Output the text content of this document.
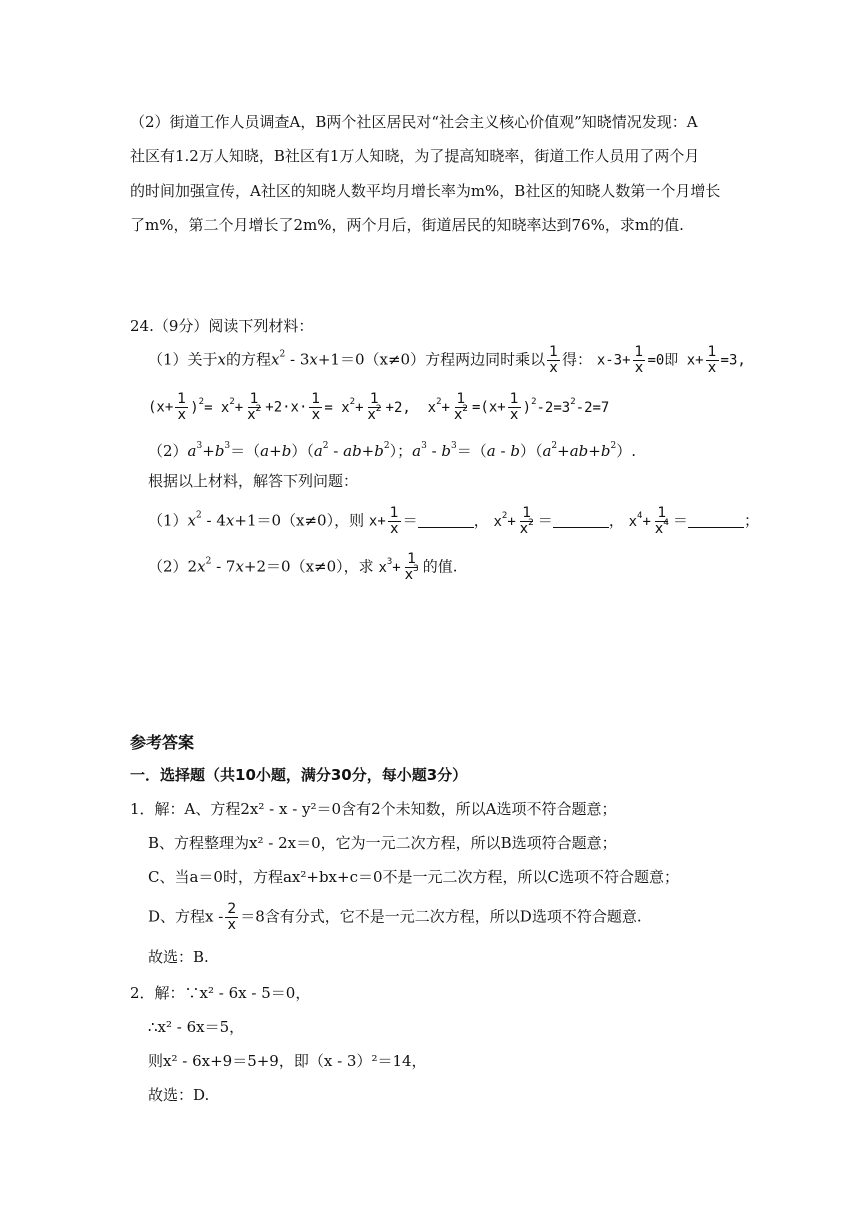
（2）街道工作人员调查A，B两个社区居民对“社会主义核心价值观”知晓情况发现：A
社区有1.2万人知晓，B社区有1万人知晓，为了提高知晓率，街道工作人员用了两个月
的时间加强宣传，A社区的知晓人数平均月增长率为m%，B社区的知晓人数第一个月增长
了m%，第二个月增长了2m%，两个月后，街道居民的知晓率达到76%，求m的值.
24.（9分）阅读下列材料：
（1）关于x的方程$x^2 - 3x+1=0(x\ne 0)$方程两边同时乘以 $\frac{1}{x}$ 得： $x-3+ \frac{1}{x} =0$即 $x+ \frac{1}{x} =3$,
$(x+ \frac{1}{x} )^2= x^2+ \frac{1}{x^2} +2\cdot x\cdot \frac{1}{x} = x^2+ \frac{1}{x^2} +2$,  $x^2+ \frac{1}{x^2} =(x+ \frac{1}{x} )^2-2=3^2-2=7$
$(2)a^3+b^3=(a+b)(a^2 - ab+b^2)$；$a^3 - b^3=(a - b)(a^2+ab+b^2)$.
根据以上材料，解答下列问题：
$(1)x^2 - 4x+1=0(x\ne 0)$，则 $x+ \frac{1}{x}$ ＝	， $x^2+ \frac{1}{x^2}$ ＝	， $x^4+ \frac{1}{x^4}$ ＝	；
$(2)2x^2 - 7x+2=0(x\ne 0)$，求 $x^3+ \frac{1}{x^3}$ 的值.
参考答案
一．选择题（共10小题，满分30分，每小题3分）
1．解：A、方程2x² - x - y²＝0含有2个未知数，所以A选项不符合题意；
B、方程整理为x² - 2x＝0，它为一元二次方程，所以B选项符合题意；
C、当a＝0时，方程ax²+bx+c＝0不是一元二次方程，所以C选项不符合题意；
D、方程$x - \frac{2}{x} =8$含有分式，它不是一元二次方程，所以D选项不符合题意.
故选：B.
2．解：∵x² - 6x - 5＝0，
∴x² - 6x＝5，
则x² - 6x+9＝5+9，即（x - 3）²＝14，
故选：D.
